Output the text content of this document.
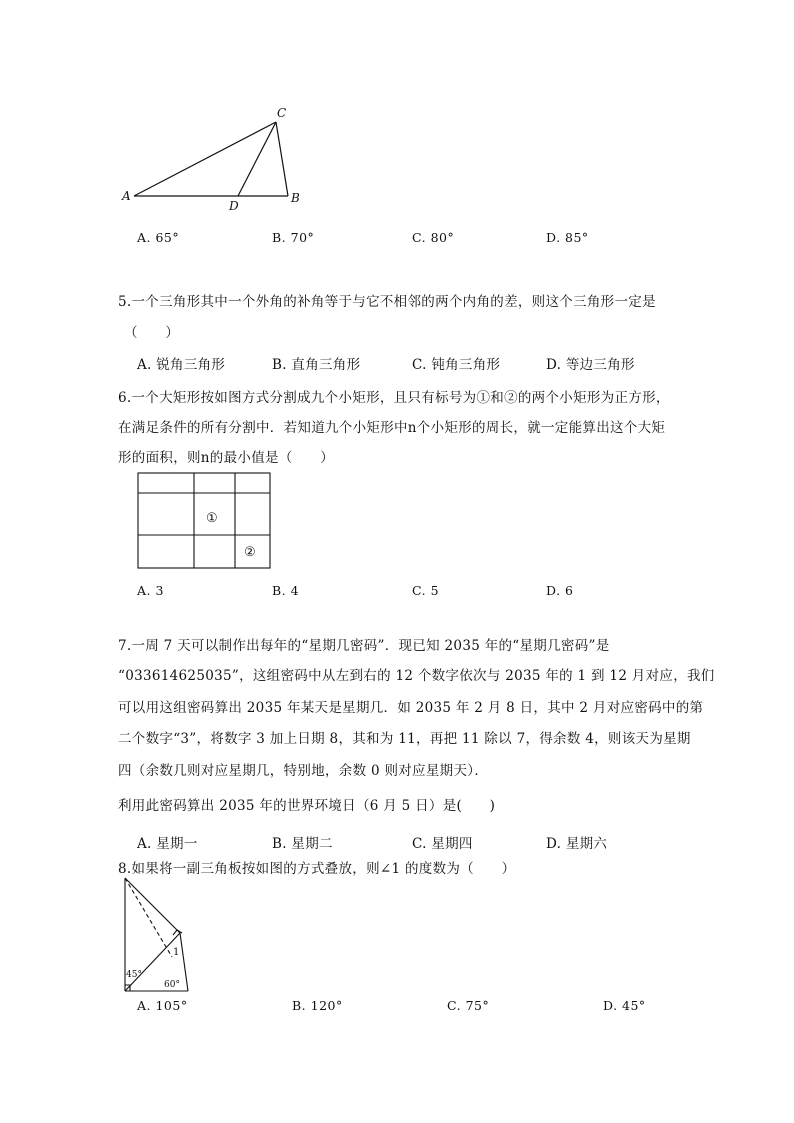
A	B
C
D
A. 65°	B. 70°	C. 80°	D. 85°
5.一个三角形其中一个外角的补角等于与它不相邻的两个内角的差，则这个三角形一定是
（　　）
A. 锐角三角形	B. 直角三角形	C. 钝角三角形	D. 等边三角形
6.一个大矩形按如图方式分割成九个小矩形，且只有标号为①和②的两个小矩形为正方形，
在满足条件的所有分割中．若知道九个小矩形中n个小矩形的周长，就一定能算出这个大矩
形的面积，则n的最小值是（　　）
①
②
A. 3	B. 4	C. 5	D. 6
7.一周 7 天可以制作出每年的“星期几密码”．现已知 2035 年的“星期几密码”是
“033614625035”，这组密码中从左到右的 12 个数字依次与 2035 年的 1 到 12 月对应，我们
可以用这组密码算出 2035 年某天是星期几．如 2035 年 2 月 8 日，其中 2 月对应密码中的第
二个数字“3”，将数字 3 加上日期 8，其和为 11，再把 11 除以 7，得余数 4，则该天为星期
四（余数几则对应星期几，特别地，余数 0 则对应星期天）．
利用此密码算出 2035 年的世界环境日（6 月 5 日）是(　　)
A. 星期一	B. 星期二	C. 星期四	D. 星期六
8.如果将一副三角板按如图的方式叠放，则∠1 的度数为（　　）
1
45°
60°
A. 105°	B. 120°	C. 75°	D. 45°
